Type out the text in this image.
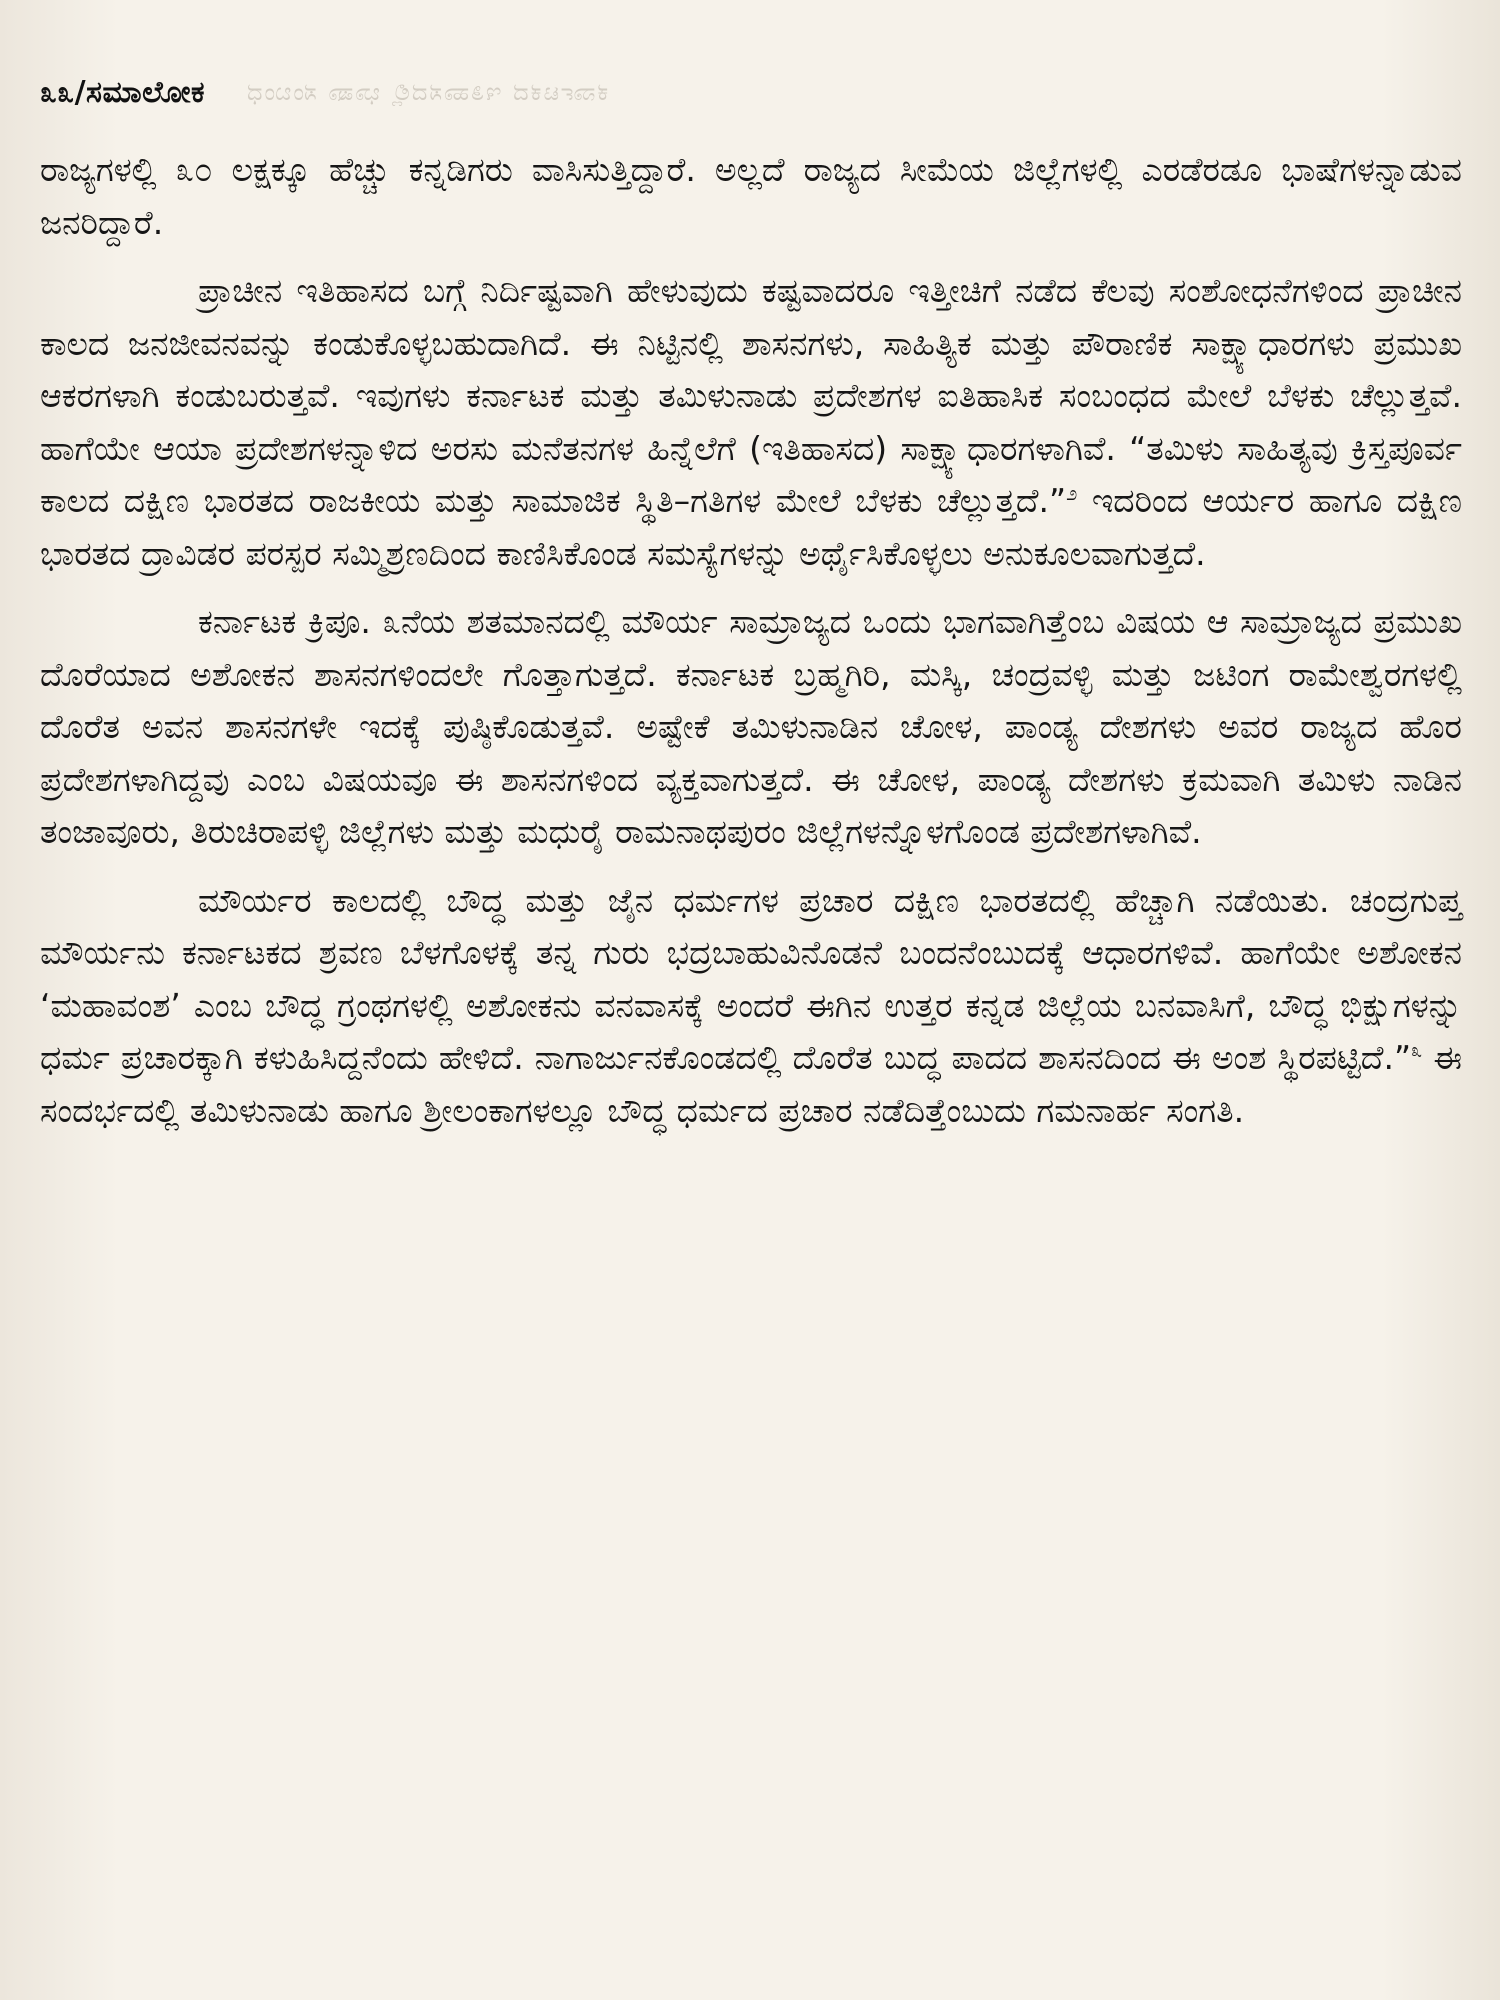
೩೩/ಸಮಾಲೋಕ ಕರ್ನಾಟಕದ ಇತಿಹಾಸದಲ್ಲಿ ಭಾಷಾ ಸಂಬಂಧ

ರಾಜ್ಯಗಳಲ್ಲಿ ೩೦ ಲಕ್ಷಕ್ಕೂ ಹೆಚ್ಚು ಕನ್ನಡಿಗರು ವಾಸಿಸುತ್ತಿದ್ದಾರೆ. ಅಲ್ಲದೆ ರಾಜ್ಯದ ಸೀಮೆಯ ಜಿಲ್ಲೆಗಳಲ್ಲಿ ಎರಡೆರಡೂ ಭಾಷೆಗಳನ್ನಾಡುವ ಜನರಿದ್ದಾರೆ.

ಪ್ರಾಚೀನ ಇತಿಹಾಸದ ಬಗ್ಗೆ ನಿರ್ದಿಷ್ಟವಾಗಿ ಹೇಳುವುದು ಕಷ್ಟವಾದರೂ ಇತ್ತೀಚಿಗೆ ನಡೆದ ಕೆಲವು ಸಂಶೋಧನೆಗಳಿಂದ ಪ್ರಾಚೀನ ಕಾಲದ ಜನಜೀವನವನ್ನು ಕಂಡುಕೊಳ್ಳಬಹುದಾಗಿದೆ. ಈ ನಿಟ್ಟಿನಲ್ಲಿ ಶಾಸನಗಳು, ಸಾಹಿತ್ಯಿಕ ಮತ್ತು ಪೌರಾಣಿಕ ಸಾಕ್ಷ್ಯಾಧಾರಗಳು ಪ್ರಮುಖ ಆಕರಗಳಾಗಿ ಕಂಡುಬರುತ್ತವೆ. ಇವುಗಳು ಕರ್ನಾಟಕ ಮತ್ತು ತಮಿಳುನಾಡು ಪ್ರದೇಶಗಳ ಐತಿಹಾಸಿಕ ಸಂಬಂಧದ ಮೇಲೆ ಬೆಳಕು ಚೆಲ್ಲುತ್ತವೆ. ಹಾಗೆಯೇ ಆಯಾ ಪ್ರದೇಶಗಳನ್ನಾಳಿದ ಅರಸು ಮನೆತನಗಳ ಹಿನ್ನೆಲೆಗೆ (ಇತಿಹಾಸದ) ಸಾಕ್ಷ್ಯಾಧಾರಗಳಾಗಿವೆ. “ತಮಿಳು ಸಾಹಿತ್ಯವು ಕ್ರಿಸ್ತಪೂರ್ವ ಕಾಲದ ದಕ್ಷಿಣ ಭಾರತದ ರಾಜಕೀಯ ಮತ್ತು ಸಾಮಾಜಿಕ ಸ್ಥಿತಿ–ಗತಿಗಳ ಮೇಲೆ ಬೆಳಕು ಚೆಲ್ಲುತ್ತದೆ.”$^೨$ ಇದರಿಂದ ಆರ್ಯರ ಹಾಗೂ ದಕ್ಷಿಣ ಭಾರತದ ದ್ರಾವಿಡರ ಪರಸ್ಪರ ಸಮ್ಮಿಶ್ರಣದಿಂದ ಕಾಣಿಸಿಕೊಂಡ ಸಮಸ್ಯೆಗಳನ್ನು ಅರ್ಥೈಸಿಕೊಳ್ಳಲು ಅನುಕೂಲವಾಗುತ್ತದೆ.

ಕರ್ನಾಟಕ ಕ್ರಿಪೂ. ೩ನೆಯ ಶತಮಾನದಲ್ಲಿ ಮೌರ್ಯ ಸಾಮ್ರಾಜ್ಯದ ಒಂದು ಭಾಗವಾಗಿತ್ತೆಂಬ ವಿಷಯ ಆ ಸಾಮ್ರಾಜ್ಯದ ಪ್ರಮುಖ ದೊರೆಯಾದ ಅಶೋಕನ ಶಾಸನಗಳಿಂದಲೇ ಗೊತ್ತಾಗುತ್ತದೆ. ಕರ್ನಾಟಕ ಬ್ರಹ್ಮಗಿರಿ, ಮಸ್ಕಿ, ಚಂದ್ರವಳ್ಳಿ ಮತ್ತು ಜಟಿಂಗ ರಾಮೇಶ್ವರಗಳಲ್ಲಿ ದೊರೆತ ಅವನ ಶಾಸನಗಳೇ ಇದಕ್ಕೆ ಪುಷ್ಠಿಕೊಡುತ್ತವೆ. ಅಷ್ಟೇಕೆ ತಮಿಳುನಾಡಿನ ಚೋಳ, ಪಾಂಡ್ಯ ದೇಶಗಳು ಅವರ ರಾಜ್ಯದ ಹೊರ ಪ್ರದೇಶಗಳಾಗಿದ್ದವು ಎಂಬ ವಿಷಯವೂ ಈ ಶಾಸನಗಳಿಂದ ವ್ಯಕ್ತವಾಗುತ್ತದೆ. ಈ ಚೋಳ, ಪಾಂಡ್ಯ ದೇಶಗಳು ಕ್ರಮವಾಗಿ ತಮಿಳು ನಾಡಿನ ತಂಜಾವೂರು, ತಿರುಚಿರಾಪಳ್ಳಿ ಜಿಲ್ಲೆಗಳು ಮತ್ತು ಮಧುರೈ ರಾಮನಾಥಪುರಂ ಜಿಲ್ಲೆಗಳನ್ನೊಳಗೊಂಡ ಪ್ರದೇಶಗಳಾಗಿವೆ.

ಮೌರ್ಯರ ಕಾಲದಲ್ಲಿ ಬೌದ್ಧ ಮತ್ತು ಜೈನ ಧರ್ಮಗಳ ಪ್ರಚಾರ ದಕ್ಷಿಣ ಭಾರತದಲ್ಲಿ ಹೆಚ್ಚಾಗಿ ನಡೆಯಿತು. ಚಂದ್ರಗುಪ್ತ ಮೌರ್ಯನು ಕರ್ನಾಟಕದ ಶ್ರವಣ ಬೆಳಗೊಳಕ್ಕೆ ತನ್ನ ಗುರು ಭದ್ರಬಾಹುವಿನೊಡನೆ ಬಂದನೆಂಬುದಕ್ಕೆ ಆಧಾರಗಳಿವೆ. ಹಾಗೆಯೇ ಅಶೋಕನ ‘ಮಹಾವಂಶ’ ಎಂಬ ಬೌದ್ಧ ಗ್ರಂಥಗಳಲ್ಲಿ ಅಶೋಕನು ವನವಾಸಕ್ಕೆ ಅಂದರೆ ಈಗಿನ ಉತ್ತರ ಕನ್ನಡ ಜಿಲ್ಲೆಯ ಬನವಾಸಿಗೆ, ಬೌದ್ಧ ಭಿಕ್ಷುಗಳನ್ನು ಧರ್ಮ ಪ್ರಚಾರಕ್ಕಾಗಿ ಕಳುಹಿಸಿದ್ದನೆಂದು ಹೇಳಿದೆ. ನಾಗಾರ್ಜುನಕೊಂಡದಲ್ಲಿ ದೊರೆತ ಬುದ್ಧ ಪಾದದ ಶಾಸನದಿಂದ ಈ ಅಂಶ ಸ್ಥಿರಪಟ್ಟಿದೆ.”$^೩$ ಈ ಸಂದರ್ಭದಲ್ಲಿ ತಮಿಳುನಾಡು ಹಾಗೂ ಶ್ರೀಲಂಕಾಗಳಲ್ಲೂ ಬೌದ್ಧ ಧರ್ಮದ ಪ್ರಚಾರ ನಡೆದಿತ್ತೆಂಬುದು ಗಮನಾರ್ಹ ಸಂಗತಿ.
